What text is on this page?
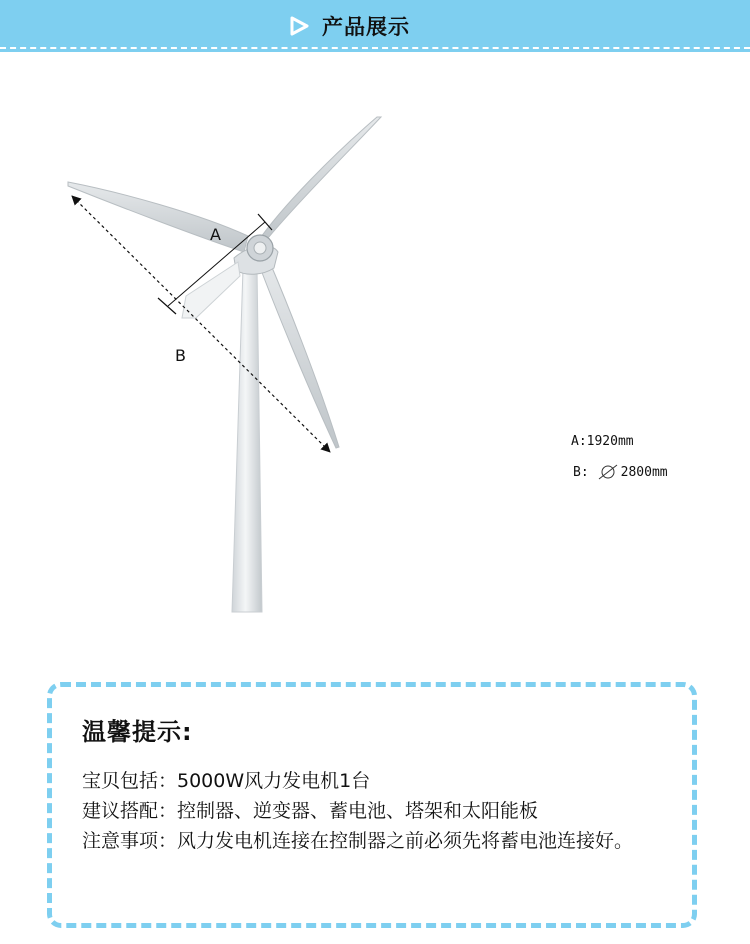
产品展示
A
B
A: 1920mm
B: 2800mm
温馨提示:
宝贝包括：5000W风力发电机1台
建议搭配：控制器、逆变器、蓄电池、塔架和太阳能板
注意事项：风力发电机连接在控制器之前必须先将蓄电池连接好。
